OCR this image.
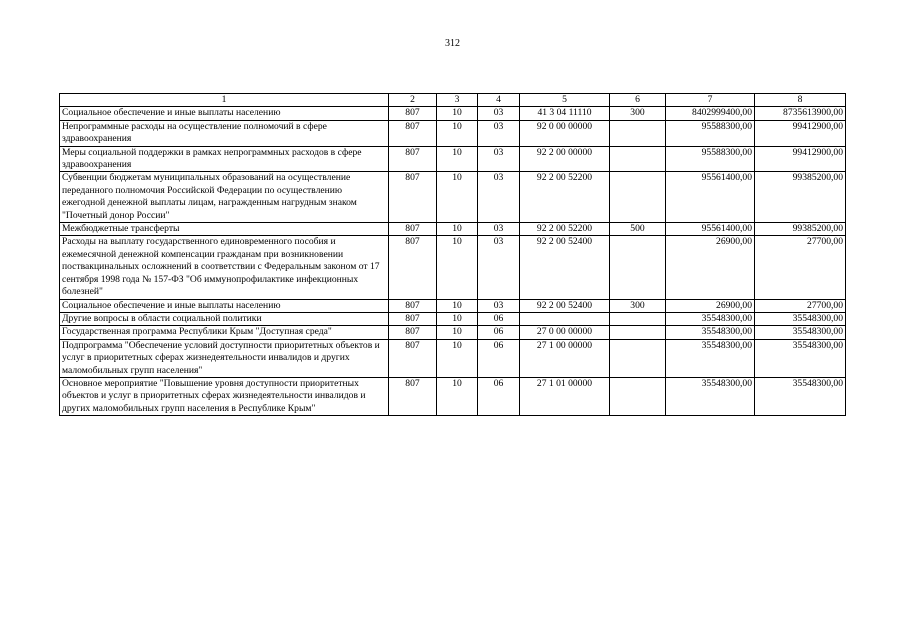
312
1	2	3	4	5	6	7	8
Социальное обеспечение и иные выплаты населению	807	10	03	41 3 04 11110	300	8402999400,00	8735613900,00
Непрограммные расходы на осуществление полномочий в сфере здравоохранения	807	10	03	92 0 00 00000		95588300,00	99412900,00
Меры социальной поддержки в рамках непрограммных расходов в сфере здравоохранения	807	10	03	92 2 00 00000		95588300,00	99412900,00
Субвенции бюджетам муниципальных образований на осуществление переданного полномочия Российской Федерации по осуществлению ежегодной денежной выплаты лицам, награжденным нагрудным знаком "Почетный донор России"	807	10	03	92 2 00 52200		95561400,00	99385200,00
Межбюджетные трансферты	807	10	03	92 2 00 52200	500	95561400,00	99385200,00
Расходы на выплату государственного единовременного пособия и ежемесячной денежной компенсации гражданам при возникновении поствакцинальных осложнений в соответствии с Федеральным законом от 17 сентября 1998 года № 157-ФЗ "Об иммунопрофилактике инфекционных болезней"	807	10	03	92 2 00 52400		26900,00	27700,00
Социальное обеспечение и иные выплаты населению	807	10	03	92 2 00 52400	300	26900,00	27700,00
Другие вопросы в области социальной политики	807	10	06			35548300,00	35548300,00
Государственная программа Республики Крым "Доступная среда"	807	10	06	27 0 00 00000		35548300,00	35548300,00
Подпрограмма "Обеспечение условий доступности приоритетных объектов и услуг в приоритетных сферах жизнедеятельности инвалидов и других маломобильных групп населения"	807	10	06	27 1 00 00000		35548300,00	35548300,00
Основное мероприятие "Повышение уровня доступности приоритетных объектов и услуг в приоритетных сферах жизнедеятельности инвалидов и других маломобильных групп населения в Республике Крым"	807	10	06	27 1 01 00000		35548300,00	35548300,00
